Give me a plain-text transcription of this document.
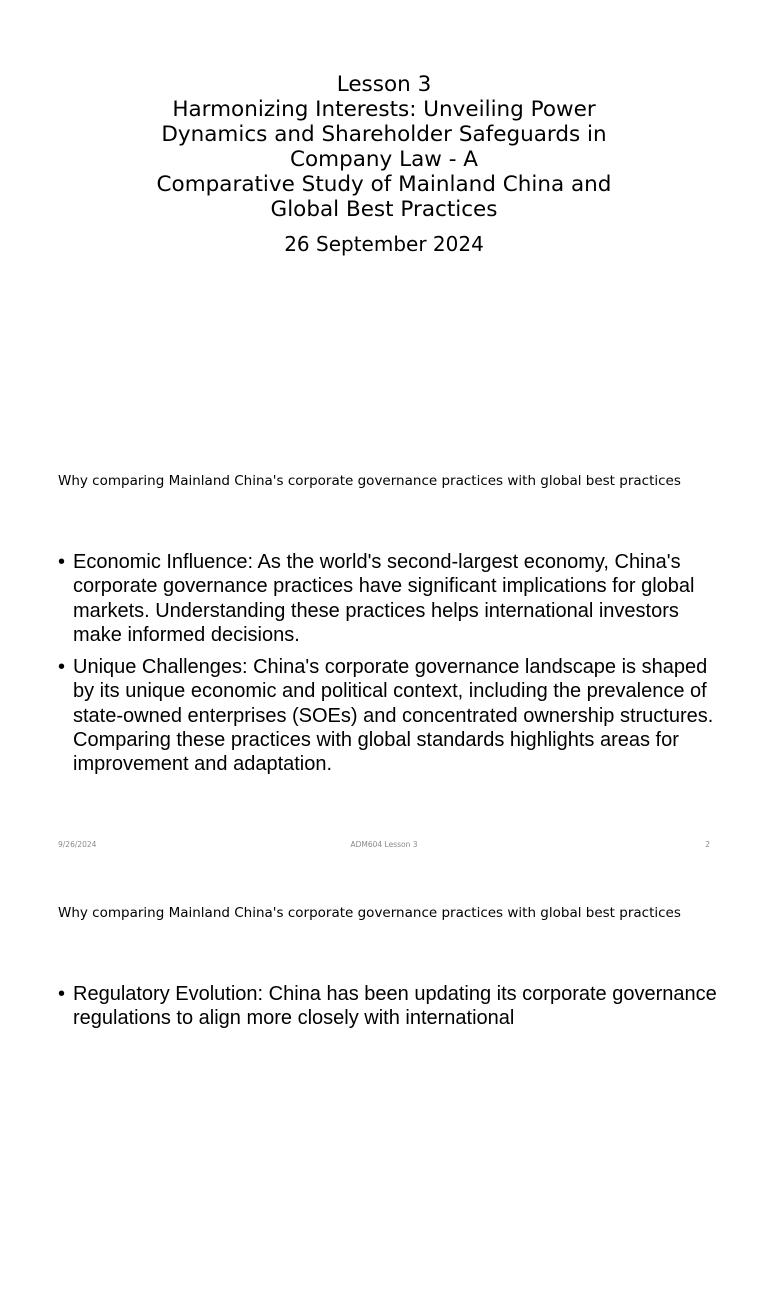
Lesson 3
Harmonizing Interests: Unveiling Power
Dynamics and Shareholder Safeguards in
Company Law - A
Comparative Study of Mainland China and
Global Best Practices
26 September 2024
Why comparing Mainland China's corporate governance practices with global best practices
• Economic Influence: As the world's second-largest economy, China's corporate governance practices have significant implications for global markets. Understanding these practices helps international investors make informed decisions.
• Unique Challenges: China's corporate governance landscape is shaped by its unique economic and political context, including the prevalence of state-owned enterprises (SOEs) and concentrated ownership structures. Comparing these practices with global standards highlights areas for improvement and adaptation.
9/26/2024	ADM604 Lesson 3	2
Why comparing Mainland China's corporate governance practices with global best practices
• Regulatory Evolution: China has been updating its corporate governance regulations to align more closely with international
